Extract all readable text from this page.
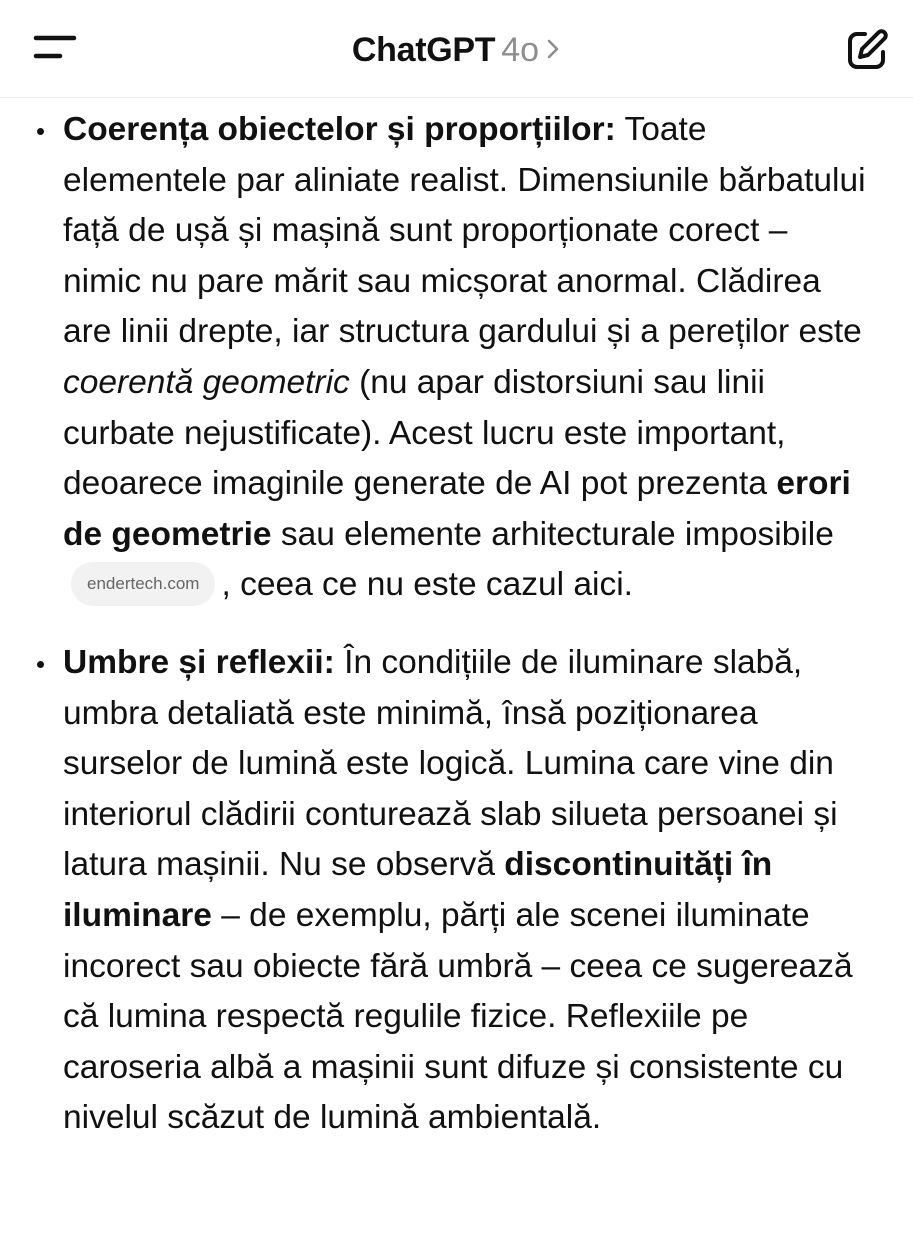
ChatGPT 4o
Coerența obiectelor și proporțiilor: Toate elementele par aliniate realist. Dimensiunile bărbatului față de ușă și mașină sunt proporționate corect – nimic nu pare mărit sau micșorat anormal. Clădirea are linii drepte, iar structura gardului și a pereților este coerentă geometric (nu apar distorsiuni sau linii curbate nejustificate). Acest lucru este important, deoarece imaginile generate de AI pot prezenta erori de geometrie sau elemente arhitecturale imposibileendertech.com , ceea ce nu este cazul aici.
Umbre și reflexii: În condițiile de iluminare slabă, umbra detaliată este minimă, însă poziționarea surselor de lumină este logică. Lumina care vine din interiorul clădirii conturează slab silueta persoanei și latura mașinii. Nu se observă discontinuități în iluminare – de exemplu, părți ale scenei iluminate incorect sau obiecte fără umbră – ceea ce sugerează că lumina respectă regulile fizice. Reflexiile pe caroseria albă a mașinii sunt difuze și consistente cu nivelul scăzut de lumină ambientală.
